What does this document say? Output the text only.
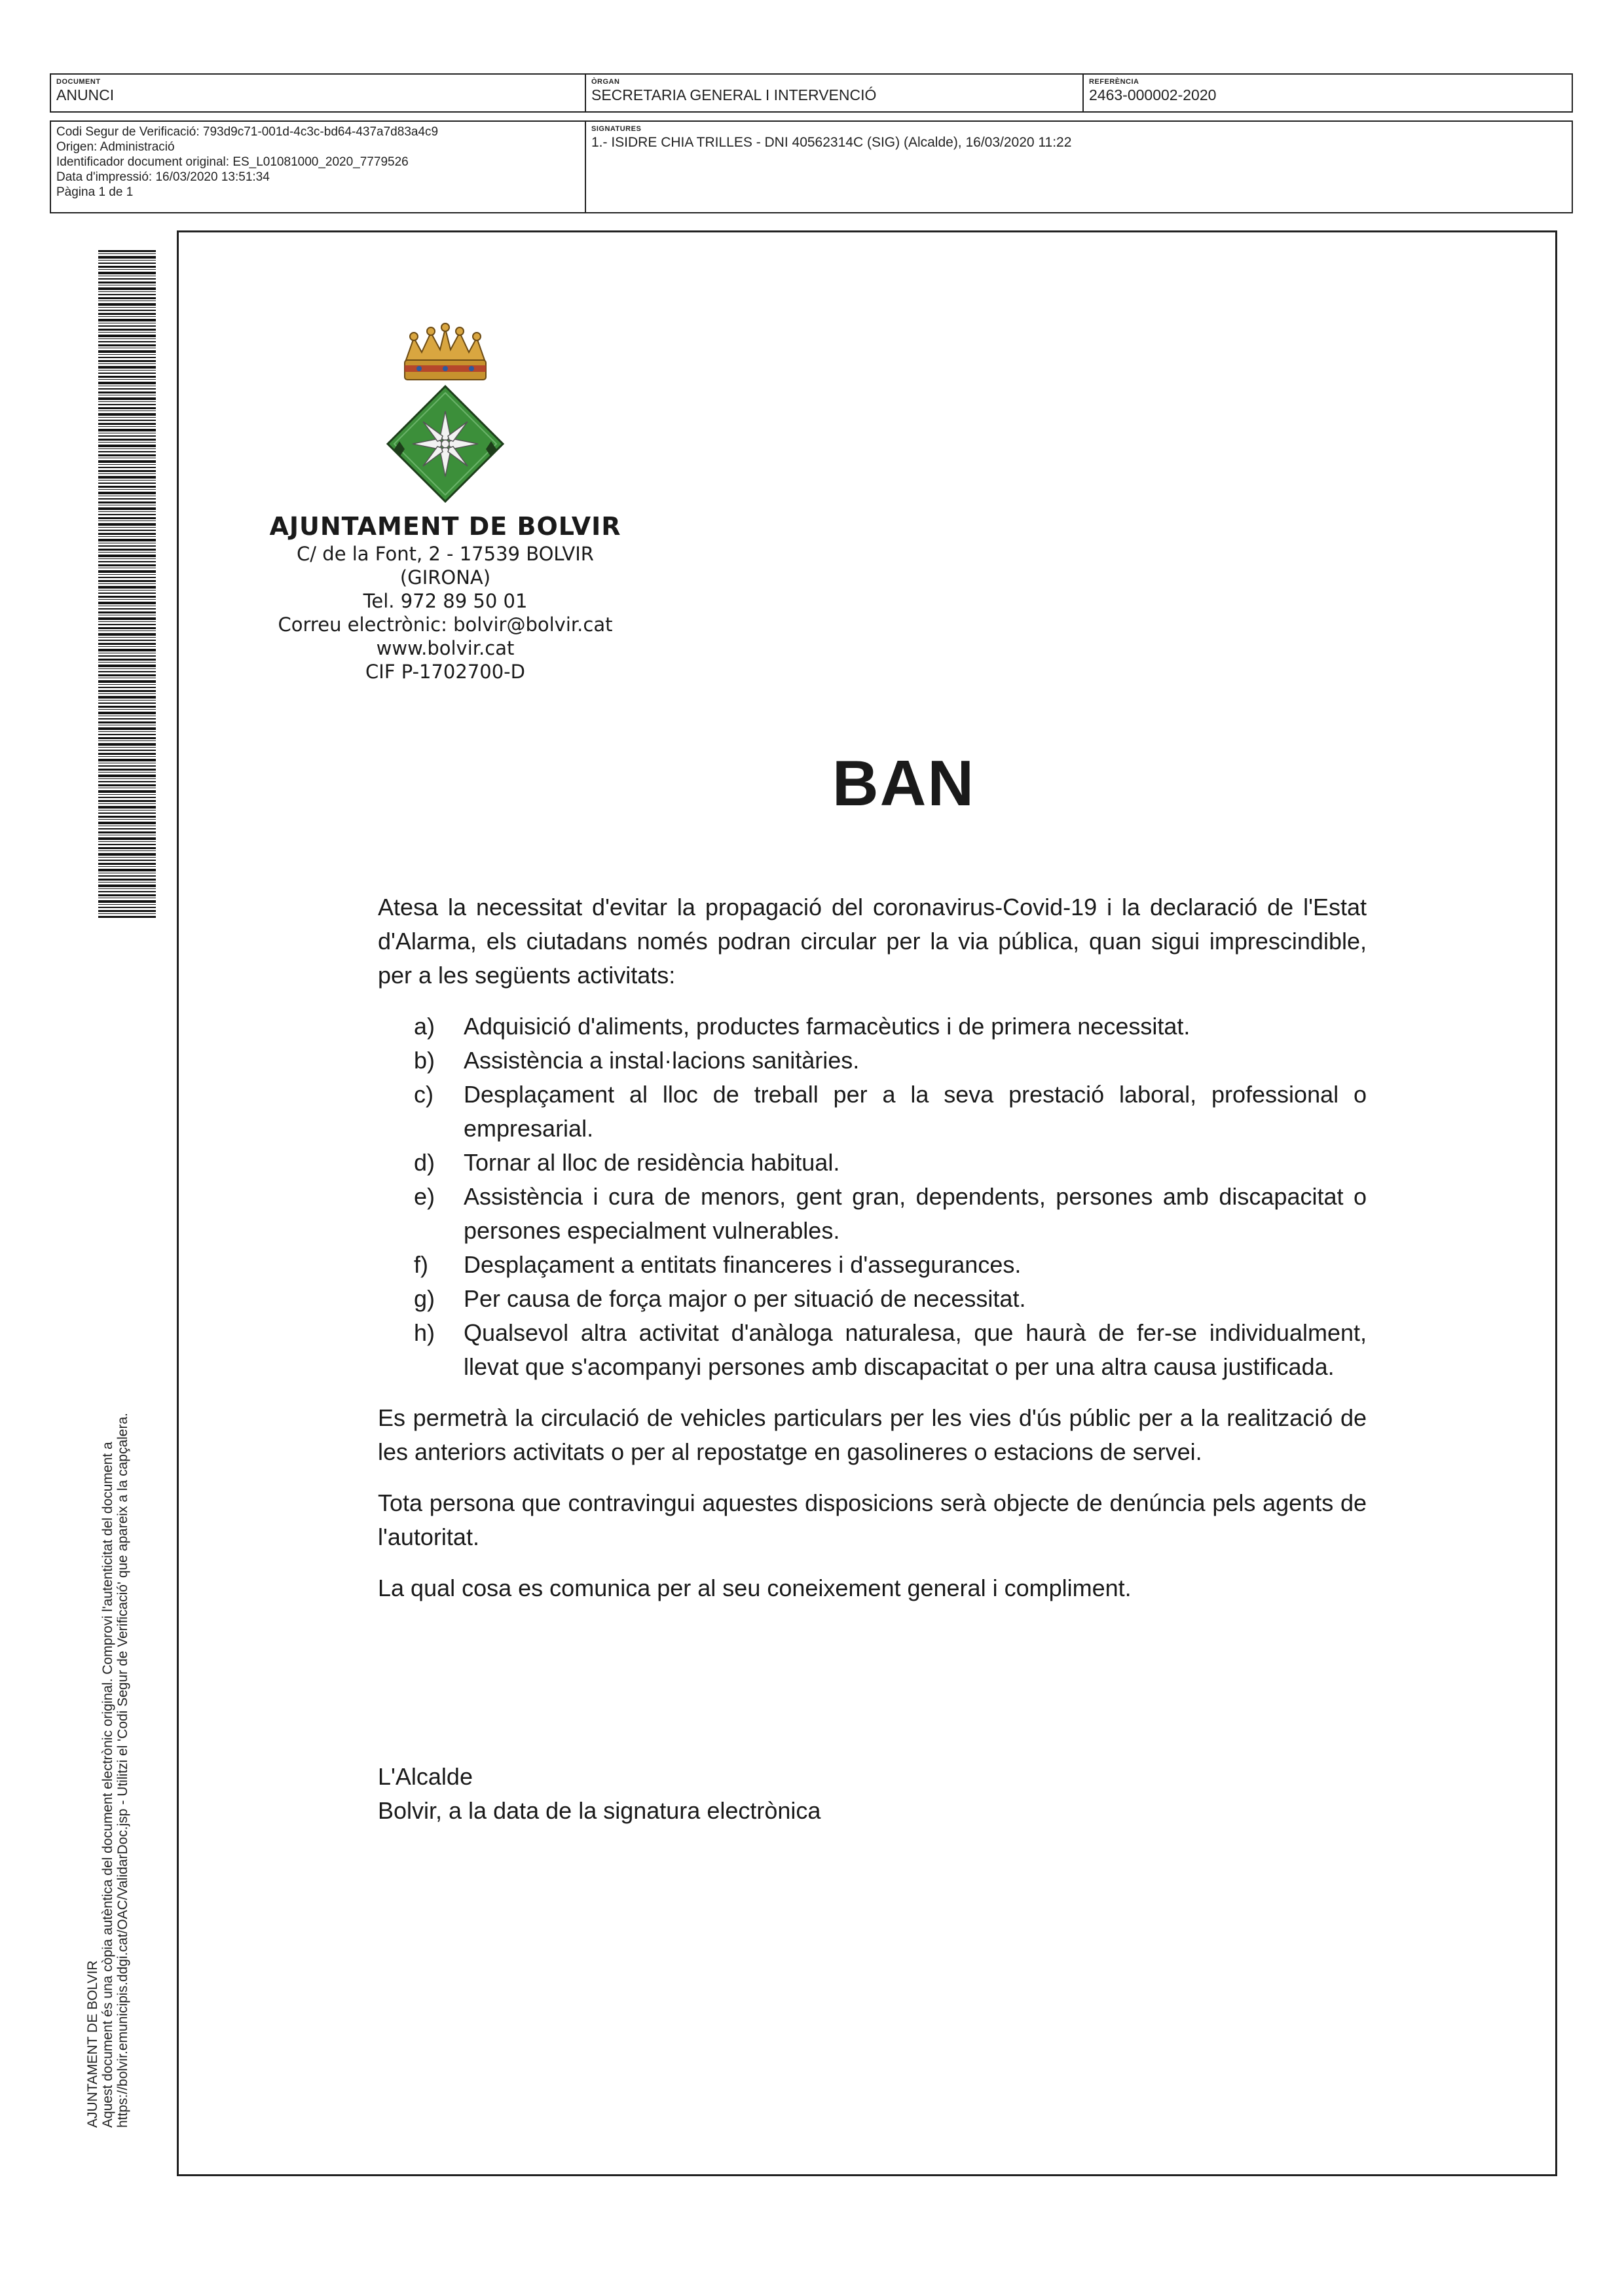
DOCUMENT
ANUNCI
ÒRGAN
SECRETARIA GENERAL I INTERVENCIÓ
REFERÈNCIA
2463-000002-2020

Codi Segur de Verificació: 793d9c71-001d-4c3c-bd64-437a7d83a4c9

Origen: Administració

Identificador document original: ES_L01081000_2020_7779526

Data d'impressió: 16/03/2020 13:51:34

Pàgina 1 de 1

SIGNATURES
1.- ISIDRE CHIA TRILLES - DNI 40562314C (SIG) (Alcalde), 16/03/2020 11:22
AJUNTAMENT DE BOLVIR Aquest document és una còpia autèntica del document electrònic original. Comprovi l'autenticitat del document a https://bolvir.emunicipis.ddgi.cat/OAC/ValidarDoc.jsp - Utilitzi el 'Codi Segur de Verificació' que apareix a la capçalera.
AJUNTAMENT DE BOLVIR
C/ de la Font, 2 - 17539 BOLVIR (GIRONA)
Tel. 972 89 50 01
Correu electrònic: bolvir@bolvir.cat
www.bolvir.cat
CIF P-1702700-D
BAN

Atesa la necessitat d'evitar la propagació del coronavirus-Covid-19 i la declaració de l'Estat d'Alarma, els ciutadans només podran circular per la via pública, quan sigui imprescindible, per a les següents activitats:

a)	Adquisició d'aliments, productes farmacèutics i de primera necessitat.
b)	Assistència a instal·lacions sanitàries.
c)	Desplaçament al lloc de treball per a la seva prestació laboral, professional o empresarial.
d)	Tornar al lloc de residència habitual.
e)	Assistència i cura de menors, gent gran, dependents, persones amb discapacitat o persones especialment vulnerables.
f)	Desplaçament a entitats financeres i d'assegurances.
g)	Per causa de força major o per situació de necessitat.
h)	Qualsevol altra activitat d'anàloga naturalesa, que haurà de fer-se individualment, llevat que s'acompanyi persones amb discapacitat o per una altra causa justificada.

Es permetrà la circulació de vehicles particulars per les vies d'ús públic per a la realització de les anteriors activitats o per al repostatge en gasolineres o estacions de servei.

Tota persona que contravingui aquestes disposicions serà objecte de denúncia pels agents de l'autoritat.

La qual cosa es comunica per al seu coneixement general i compliment.

L'Alcalde
Bolvir, a la data de la signatura electrònica
